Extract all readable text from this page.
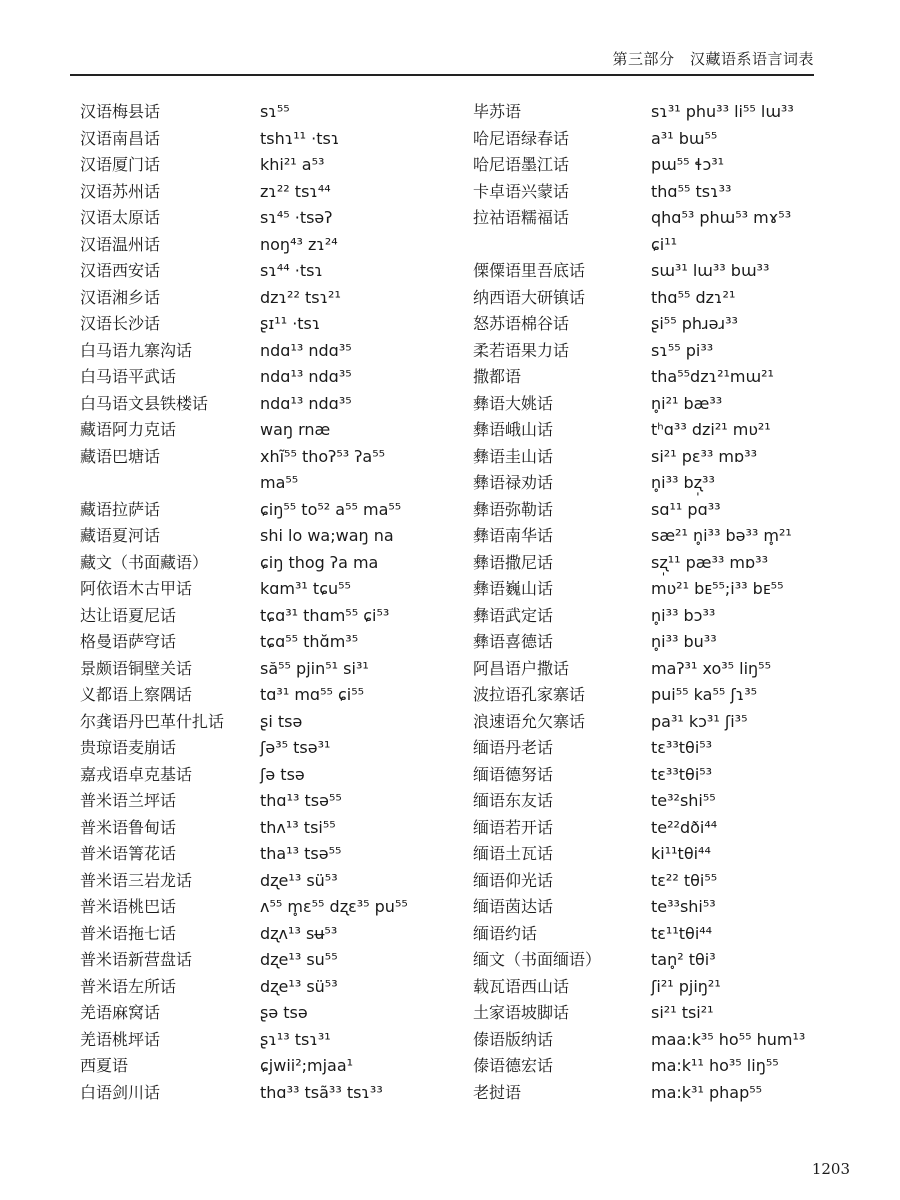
第三部分　汉藏语系语言词表
汉语梅县话	sɿ⁵⁵
汉语南昌话	tshɿ¹¹ ·tsɿ
汉语厦门话	khi²¹ a⁵³
汉语苏州话	zɿ²² tsɿ⁴⁴
汉语太原话	sɿ⁴⁵ ·tsəʔ
汉语温州话	noŋ⁴³ zɿ²⁴
汉语西安话	sɿ⁴⁴ ·tsɿ
汉语湘乡话	dzɿ²² tsɿ²¹
汉语长沙话	ʂɪ¹¹ ·tsɿ
白马语九寨沟话	ndɑ¹³ ndɑ³⁵
白马语平武话	ndɑ¹³ ndɑ³⁵
白马语文县铁楼话	ndɑ¹³ ndɑ³⁵
藏语阿力克话	waŋ rnæ
藏语巴塘话	xhĩ⁵⁵ thoʔ⁵³ ʔa⁵⁵
ma⁵⁵
藏语拉萨话	ɕiŋ⁵⁵ to⁵² a⁵⁵ ma⁵⁵
藏语夏河话	shi lo wa;waŋ na
藏文（书面藏语）	ɕiŋ thog ʔa ma
阿依语木古甲话	kɑm³¹ tɕu⁵⁵
达让语夏尼话	tɕɑ³¹ thɑm⁵⁵ ɕi⁵³
格曼语萨穹话	tɕɑ⁵⁵ thɑ̆m³⁵
景颇语铜壁关话	să⁵⁵ pjin⁵¹ si³¹
义都语上察隅话	tɑ³¹ mɑ⁵⁵ ɕi⁵⁵
尔龚语丹巴革什扎话 ʂi tsə
贵琼语麦崩话	ʃə³⁵ tsə³¹
嘉戎语卓克基话	ʃə tsə
普米语兰坪话	thɑ¹³ tsə⁵⁵
普米语鲁甸话	thʌ¹³ tsi⁵⁵
普米语箐花话	tha¹³ tsə⁵⁵
普米语三岩龙话	dʐe¹³ sü⁵³
普米语桃巴话	ʌ⁵⁵ m̥ɛ⁵⁵ dʐɛ³⁵ pu⁵⁵
普米语拖七话	dʐʌ¹³ sʉ⁵³
普米语新营盘话	dʐe¹³ su⁵⁵
普米语左所话	dʐe¹³ sü⁵³
羌语麻窝话	ʂə tsə
羌语桃坪话	ʂɿ¹³ tsɿ³¹
西夏语	ɕjwii²;mjaa¹
白语剑川话	thɑ³³ tsã³³ tsɿ³³
毕苏语	sɿ³¹ phu³³ li⁵⁵ lɯ³³
哈尼语绿春话	a³¹ bɯ⁵⁵
哈尼语墨江话	pɯ⁵⁵ ɬɔ³¹
卡卓语兴蒙话	thɑ⁵⁵ tsɿ³³
拉祜语糯福话	qhɑ⁵³ phɯ⁵³ mɤ⁵³
ɕi¹¹
傈僳语里吾底话	sɯ³¹ lɯ³³ bɯ³³
纳西语大研镇话	thɑ⁵⁵ dzɿ²¹
怒苏语棉谷话	ʂi⁵⁵ phɹəɹ³³
柔若语果力话	sɿ⁵⁵ pi³³
撒都语	tha⁵⁵dzɿ²¹mɯ²¹
彝语大姚话	n̥i²¹ bæ³³
彝语峨山话	tʰɑ³³ dzi²¹ mʋ²¹
彝语圭山话	si²¹ pɛ³³ mɒ³³
彝语禄劝话	n̥i³³ bʐ̩³³
彝语弥勒话	sɑ¹¹ pɑ³³
彝语南华话	sæ²¹ n̥i³³ bə³³ m̥²¹
彝语撒尼话	sʐ̩¹¹ pæ³³ mɒ³³
彝语巍山话	mʋ²¹ bᴇ⁵⁵;i³³ bᴇ⁵⁵
彝语武定话	n̥i³³ bɔ³³
彝语喜德话	n̥i³³ bu³³
阿昌语户撒话	maʔ³¹ xo³⁵ liŋ⁵⁵
波拉语孔家寨话	pui⁵⁵ ka⁵⁵ ʃɿ³⁵
浪速语允欠寨话	pa³¹ kɔ³¹ ʃi³⁵
缅语丹老话	tɛ³³tθi⁵³
缅语德努话	tɛ³³tθi⁵³
缅语东友话	te³²shi⁵⁵
缅语若开话	te²²dði⁴⁴
缅语土瓦话	ki¹¹tθi⁴⁴
缅语仰光话	tɛ²² tθi⁵⁵
缅语茵达话	te³³shi⁵³
缅语约话	tɛ¹¹tθi⁴⁴
缅文（书面缅语）	tan̥² tθi³
载瓦语西山话	ʃi²¹ pjiŋ²¹
土家语坡脚话	si²¹ tsi²¹
傣语版纳话	maa:k³⁵ ho⁵⁵ hum¹³
傣语德宏话	ma:k¹¹ ho³⁵ liŋ⁵⁵
老挝语	ma:k³¹ phap⁵⁵
1203
